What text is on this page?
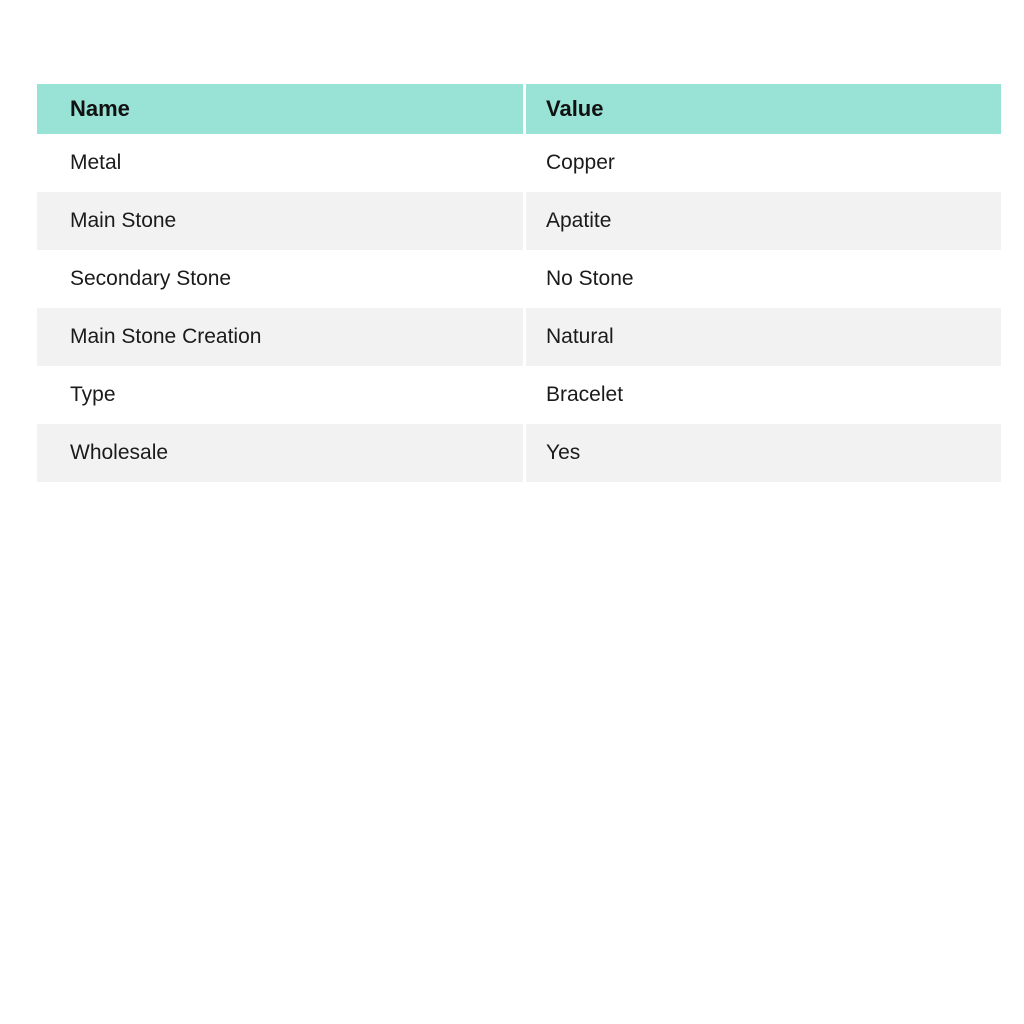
Name	Value
Metal	Copper
Main Stone	Apatite
Secondary Stone	No Stone
Main Stone Creation	Natural
Type	Bracelet
Wholesale	Yes
